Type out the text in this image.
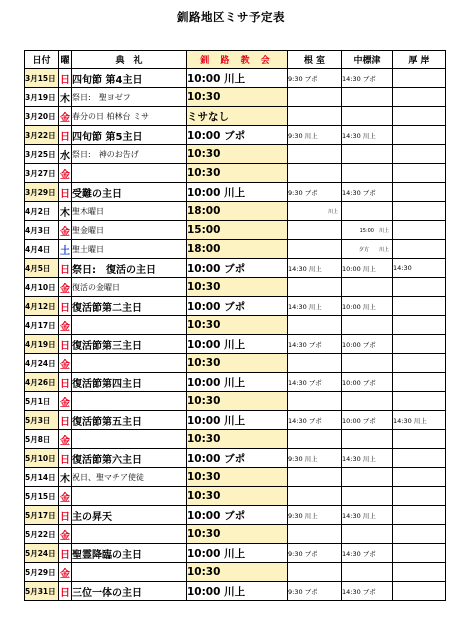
釧路地区ミサ予定表
日付	曜	典　礼	釧 路 教 会	根 室	中標津	厚 岸
3月15日	日	四旬節 第4主日	10:00 川上	9:30 ブポ	14:30 ブポ	
3月19日	木	祭日:　聖ヨゼフ	10:30			
3月20日	金	春分の日 柏林台 ミサ	ミサなし			
3月22日	日	四旬節 第5主日	10:00 ブポ	9:30 川上	14:30 川上	
3月25日	水	祭日:　神のお告げ	10:30			
3月27日	金		10:30			
3月29日	日	受難の主日	10:00 川上	9:30 ブポ	14:30 ブポ	
4月2日	木	聖木曜日	18:00	川上		
4月3日	金	聖金曜日	15:00		15:00　川上	
4月4日	土	聖土曜日	18:00		夕方　　川上	
4月5日	日	祭日:　復活の主日	10:00 ブポ	14:30 川上	10:00 川上	14:30
4月10日	金	復活の金曜日	10:30			
4月12日	日	復活節第二主日	10:00 ブポ	14:30 川上	10:00 川上	
4月17日	金		10:30			
4月19日	日	復活節第三主日	10:00 川上	14:30 ブポ	10:00 ブポ	
4月24日	金		10:30			
4月26日	日	復活節第四主日	10:00 川上	14:30 ブポ	10:00 ブポ	
5月1日	金		10:30			
5月3日	日	復活節第五主日	10:00 川上	14:30 ブポ	10:00 ブポ	14:30 川上
5月8日	金		10:30			
5月10日	日	復活節第六主日	10:00 ブポ	9:30 川上	14:30 川上	
5月14日	木	祝日、聖マチア使徒	10:30			
5月15日	金		10:30			
5月17日	日	主の昇天	10:00 ブポ	9:30 川上	14:30 川上	
5月22日	金		10:30			
5月24日	日	聖霊降臨の主日	10:00 川上	9:30 ブポ	14:30 ブポ	
5月29日	金		10:30			
5月31日	日	三位一体の主日	10:00 川上	9:30 ブポ	14:30 ブポ	
